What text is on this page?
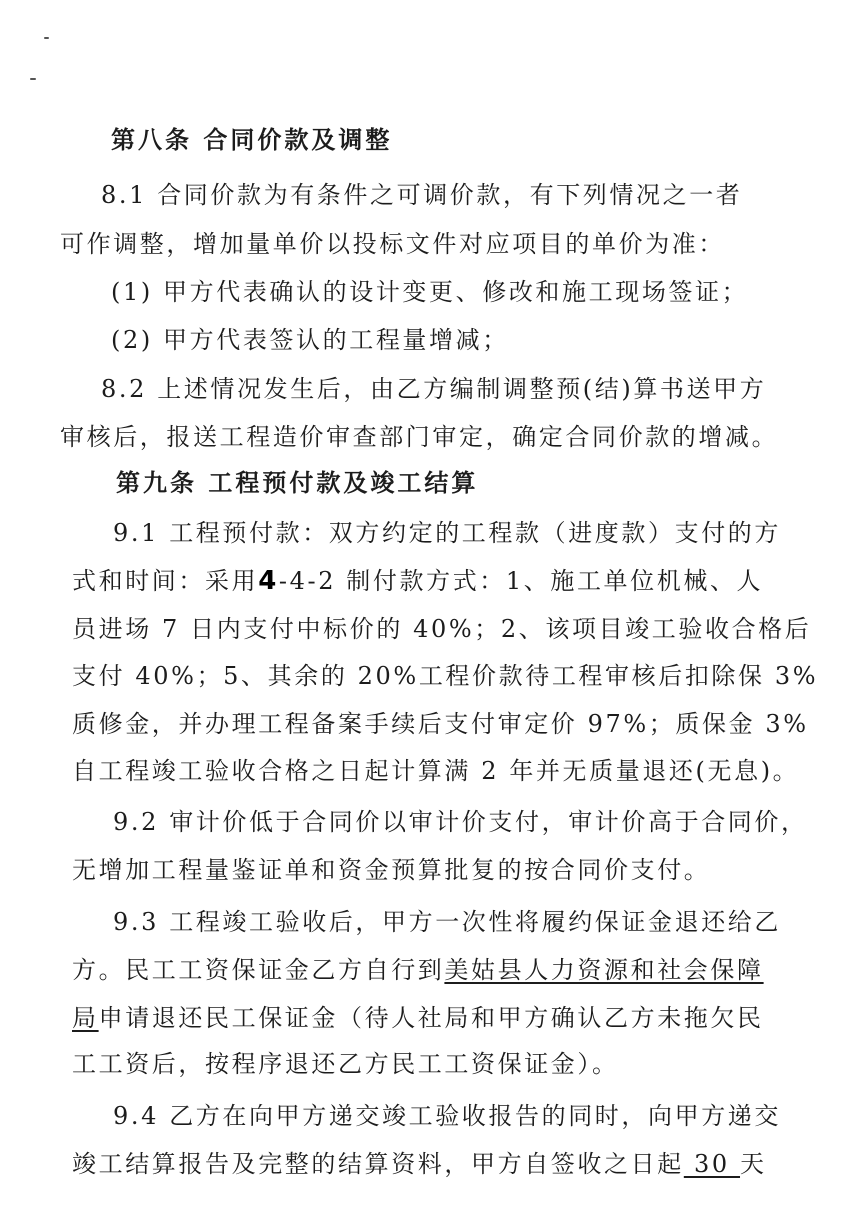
第八条 合同价款及调整
8.1 合同价款为有条件之可调价款，有下列情况之一者
可作调整，增加量单价以投标文件对应项目的单价为准：
(1) 甲方代表确认的设计变更、修改和施工现场签证；
(2) 甲方代表签认的工程量增减；
8.2 上述情况发生后，由乙方编制调整预(结)算书送甲方
审核后，报送工程造价审查部门审定，确定合同价款的增减。
第九条 工程预付款及竣工结算
9.1 工程预付款：双方约定的工程款（进度款）支付的方
式和时间：采用4-4-2 制付款方式：1、施工单位机械、人
员进场 7 日内支付中标价的 40%；2、该项目竣工验收合格后
支付 40%；5、其余的 20%工程价款待工程审核后扣除保 3%
质修金，并办理工程备案手续后支付审定价 97%；质保金 3%
自工程竣工验收合格之日起计算满 2 年并无质量退还(无息)。
9.2 审计价低于合同价以审计价支付，审计价高于合同价，
无增加工程量鉴证单和资金预算批复的按合同价支付。
9.3 工程竣工验收后，甲方一次性将履约保证金退还给乙
方。民工工资保证金乙方自行到美姑县人力资源和社会保障
局申请退还民工保证金（待人社局和甲方确认乙方未拖欠民
工工资后，按程序退还乙方民工工资保证金）。
9.4 乙方在向甲方递交竣工验收报告的同时，向甲方递交
竣工结算报告及完整的结算资料，甲方自签收之日起 30 天
